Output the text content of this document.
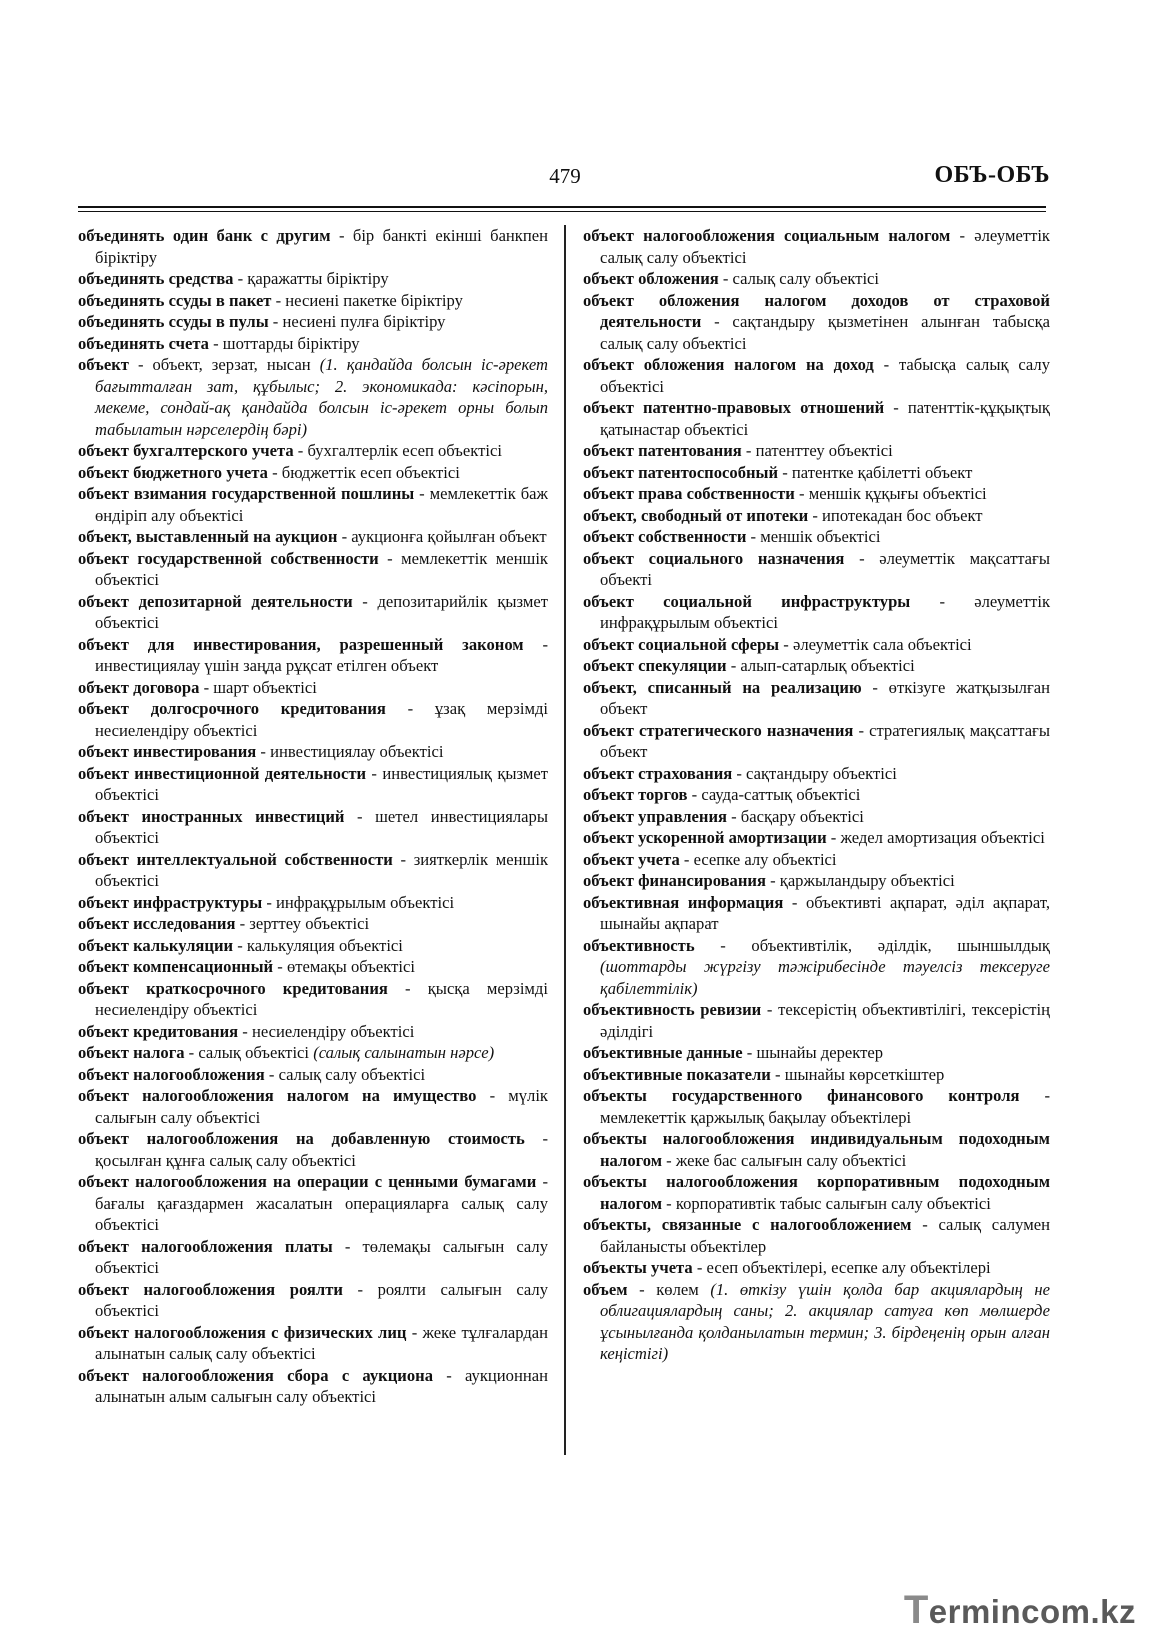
479	ОБЪ-ОБЪ
объединять один банк с другим - бір банкті екінші банкпен біріктіру
объединять средства - қаражатты біріктіру
объединять ссуды в пакет - несиені пакетке біріктіру
объединять ссуды в пулы - несиені пулға біріктіру
объединять счета - шоттарды біріктіру
объект - объект, зерзат, нысан (1. қандайда болсын іс-әрекет бағытталған зат, құбылыс; 2. экономикада: кәсіпорын, мекеме, сондай-ақ қандайда болсын іс-әрекет орны болып табылатын нәрселердің бәрі)
объект бухгалтерского учета - бухгалтерлік есеп объектісі
объект бюджетного учета - бюджеттік есеп объектісі
объект взимания государственной пошлины - мемлекеттік баж өндіріп алу объектісі
объект, выставленный на аукцион - аукционға қойылған объект
объект государственной собственности - мемлекеттік меншік объектісі
объект депозитарной деятельности - депозитарийлік қызмет объектісі
объект для инвестирования, разрешенный законом - инвестициялау үшін заңда рұқсат етілген объект
объект договора - шарт объектісі
объект долгосрочного кредитования - ұзақ мерзімді несиелендіру объектісі
объект инвестирования - инвестициялау объектісі
объект инвестиционной деятельности - инвестициялық қызмет объектісі
объект иностранных инвестиций - шетел инвестициялары объектісі
объект интеллектуальной собственности - зияткерлік меншік объектісі
объект инфраструктуры - инфрақұрылым объектісі
объект исследования - зерттеу объектісі
объект калькуляции - калькуляция объектісі
объект компенсационный - өтемақы объектісі
объект краткосрочного кредитования - қысқа мерзімді несиелендіру объектісі
объект кредитования - несиелендіру объектісі
объект налога - салық объектісі (салық салынатын нәрсе)
объект налогообложения - салық салу объектісі
объект налогообложения налогом на имущество - мүлік салығын салу объектісі
объект налогообложения на добавленную стоимость - қосылған құнға салық салу объектісі
объект налогообложения на операции с ценными бумагами - бағалы қағаздармен жасалатын операцияларға салық салу объектісі
объект налогообложения платы - төлемақы салығын салу объектісі
объект налогообложения роялти - роялти салығын салу объектісі
объект налогообложения с физических лиц - жеке тұлғалардан алынатын салық салу объектісі
объект налогообложения сбора с аукциона - аукционнан алынатын алым салығын салу объектісі
объект налогообложения социальным налогом - әлеуметтік салық салу объектісі
объект обложения - салық салу объектісі
объект обложения налогом доходов от страховой деятельности - сақтандыру қызметінен алынған табысқа салық салу объектісі
объект обложения налогом на доход - табысқа салық салу объектісі
объект патентно-правовых отношений - патенттік-құқықтық қатынастар объектісі
объект патентования - патенттеу объектісі
объект патентоспособный - патентке қабілетті объект
объект права собственности - меншік құқығы объектісі
объект, свободный от ипотеки - ипотекадан бос объект
объект собственности - меншік объектісі
объект социального назначения - әлеуметтік мақсаттағы объекті
объект социальной инфраструктуры - әлеуметтік инфрақұрылым объектісі
объект социальной сферы - әлеуметтік сала объектісі
объект спекуляции - алып-сатарлық объектісі
объект, списанный на реализацию - өткізуге жатқызылған объект
объект стратегического назначения - стратегиялық мақсаттағы объект
объект страхования - сақтандыру объектісі
объект торгов - сауда-саттық объектісі
объект управления - басқару объектісі
объект ускоренной амортизации - жедел амортизация объектісі
объект учета - есепке алу объектісі
объект финансирования - қаржыландыру объектісі
объективная информация - объективті ақпарат, әділ ақпарат, шынайы ақпарат
объективность - объективтілік, әділдік, шыншылдық (шоттарды жүргізу тәжірибесінде тәуелсіз тексеруге қабілеттілік)
объективность ревизии - тексерістің объективтілігі, тексерістің әділдігі
объективные данные - шынайы деректер
объективные показатели - шынайы көрсеткіштер
объекты государственного финансового контроля - мемлекеттік қаржылық бақылау объектілері
объекты налогообложения индивидуальным подоходным налогом - жеке бас салығын салу объектісі
объекты налогообложения корпоративным подоходным налогом - корпоративтік табыс салығын салу объектісі
объекты, связанные с налогообложением - салық салумен байланысты объектілер
объекты учета - есеп объектілері, есепке алу объектілері
объем - көлем (1. өткізу үшін қолда бар акциялардың не облигациялардың саны; 2. акциялар сатуға көп мөлшерде ұсынылғанда қолданылатын термин; 3. бірдеңенің орын алған кеңістігі)
Termincom.kz
